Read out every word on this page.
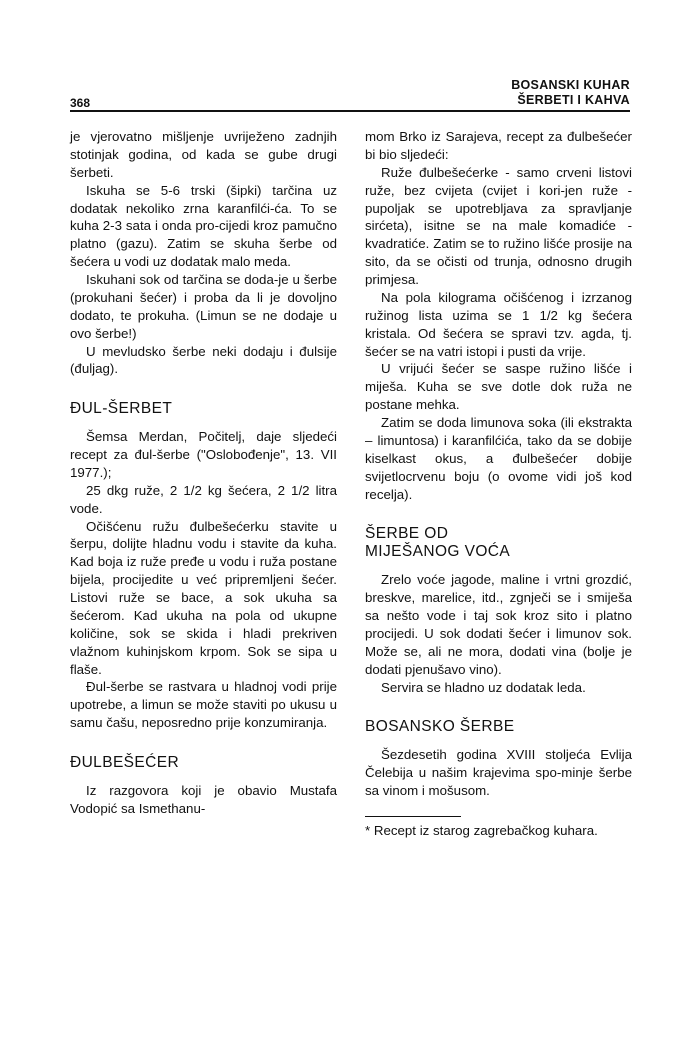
368
BOSANSKI KUHAR
ŠERBETI I KAHVA

je vjerovatno mišljenje uvriježeno zadnjih stotinjak godina, od kada se gube drugi šerbeti.

Iskuha se 5-6 trski (šipki) tarčina uz dodatak nekoliko zrna karanfilći-ća. To se kuha 2-3 sata i onda pro-cijedi kroz pamučno platno (gazu). Zatim se skuha šerbe od šećera u vodi uz dodatak malo meda.

Iskuhani sok od tarčina se doda-je u šerbe (prokuhani šećer) i proba da li je dovoljno dodato, te prokuha. (Limun se ne dodaje u ovo šerbe!)

U mevludsko šerbe neki dodaju i đulsije (đuljag).

ĐUL-ŠERBET

Šemsa Merdan, Počitelj, daje sljedeći recept za đul-šerbe ("Oslobođenje", 13. VII 1977.);

25 dkg ruže, 2 1/2 kg šećera, 2 1/2 litra vode.

Očišćenu ružu đulbešećerku stavite u šerpu, dolijte hladnu vodu i stavite da kuha. Kad boja iz ruže pređe u vodu i ruža postane bijela, procijedite u već pripremljeni šećer. Listovi ruže se bace, a sok ukuha sa šećerom. Kad ukuha na pola od ukupne količine, sok se skida i hladi prekriven vlažnom kuhinjskom krpom. Sok se sipa u flaše.

Đul-šerbe se rastvara u hladnoj vodi prije upotrebe, a limun se može staviti po ukusu u samu čašu, neposredno prije konzumiranja.

ĐULBEŠEĆER

Iz razgovora koji je obavio Mustafa Vodopić sa Ismethanu-

mom Brko iz Sarajeva, recept za đulbešećer bi bio sljedeći:

Ruže đulbešećerke - samo crveni listovi ruže, bez cvijeta (cvijet i kori-jen ruže - pupoljak se upotrebljava za spravljanje sirćeta), isitne se na male komadiće - kvadratiće. Zatim se to ružino lišće prosije na sito, da se očisti od trunja, odnosno drugih primjesa.

Na pola kilograma očišćenog i izrzanog ružinog lista uzima se 1 1/2 kg šećera kristala. Od šećera se spravi tzv. agda, tj. šećer se na vatri istopi i pusti da vrije.

U vrijući šećer se saspe ružino lišće i miješa. Kuha se sve dotle dok ruža ne postane mehka.

Zatim se doda limunova soka (ili ekstrakta – limuntosa) i karanfilćića, tako da se dobije kiselkast okus, a đulbešećer dobije svijetlocrvenu boju (o ovome vidi još kod recelja).

ŠERBE OD
MIJEŠANOG VOĆA

Zrelo voće jagode, maline i vrtni grozdić, breskve, marelice, itd., zgnječi se i smiješa sa nešto vode i taj sok kroz sito i platno procijedi. U sok dodati šećer i limunov sok. Može se, ali ne mora, dodati vina (bolje je dodati pjenušavo vino).

Servira se hladno uz dodatak leda.

BOSANSKO ŠERBE

Šezdesetih godina XVIII stoljeća Evlija Čelebija u našim krajevima spo-minje šerbe sa vinom i mošusom.

* Recept iz starog zagrebačkog kuhara.
